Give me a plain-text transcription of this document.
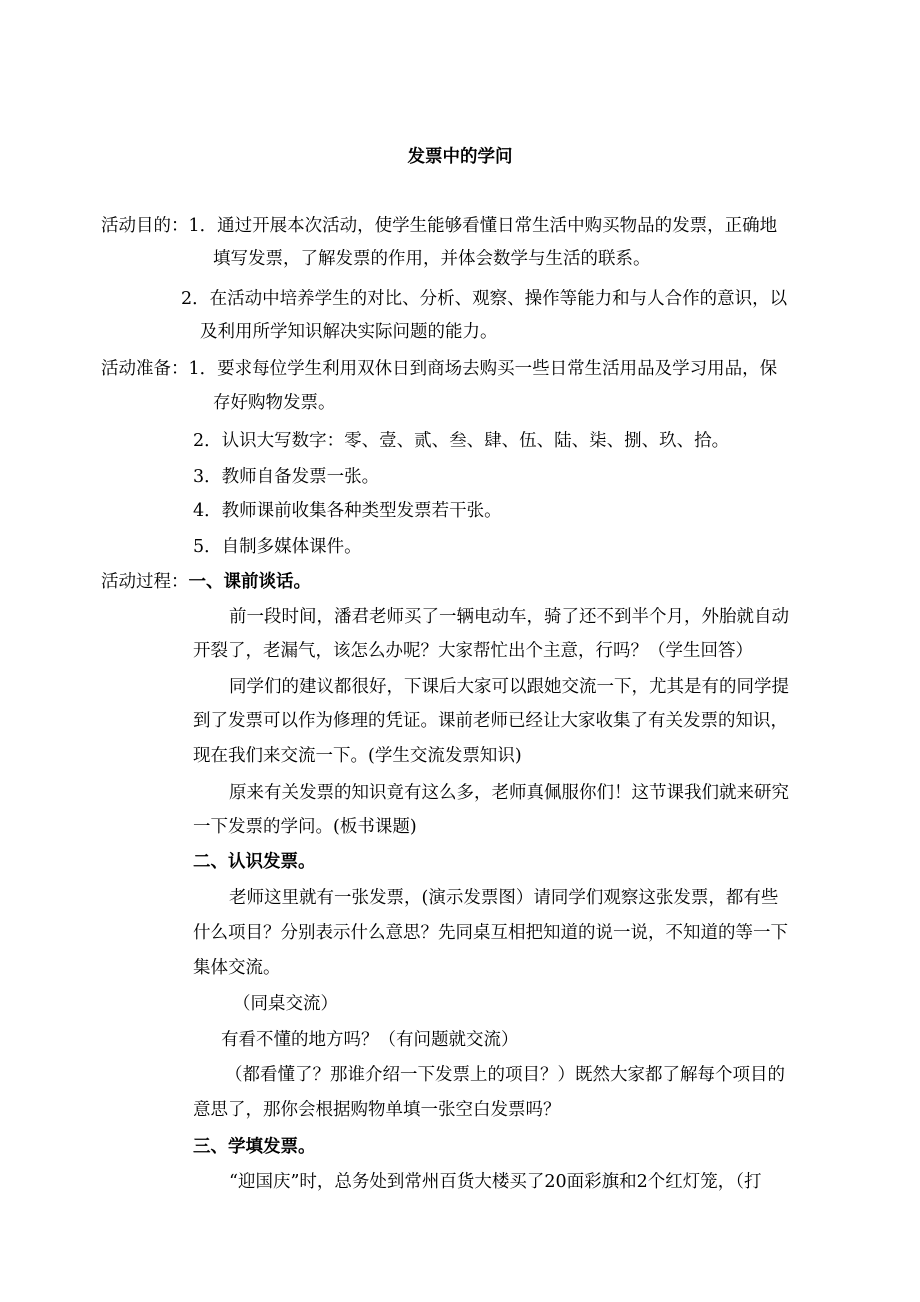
发票中的学问
活动目的：1．通过开展本次活动，使学生能够看懂日常生活中购买物品的发票，正确地
填写发票，了解发票的作用，并体会数学与生活的联系。
2．在活动中培养学生的对比、分析、观察、操作等能力和与人合作的意识，以
及利用所学知识解决实际问题的能力。
活动准备：1．要求每位学生利用双休日到商场去购买一些日常生活用品及学习用品，保
存好购物发票。
2．认识大写数字：零、壹、贰、叁、肆、伍、陆、柒、捌、玖、拾。
3．教师自备发票一张。
4．教师课前收集各种类型发票若干张。
5．自制多媒体课件。
活动过程：一、课前谈话。
前一段时间，潘君老师买了一辆电动车，骑了还不到半个月，外胎就自动
开裂了，老漏气，该怎么办呢？大家帮忙出个主意，行吗？（学生回答）
同学们的建议都很好，下课后大家可以跟她交流一下，尤其是有的同学提
到了发票可以作为修理的凭证。课前老师已经让大家收集了有关发票的知识，
现在我们来交流一下。(学生交流发票知识)
原来有关发票的知识竟有这么多，老师真佩服你们！这节课我们就来研究
一下发票的学问。(板书课题)
二、认识发票。
老师这里就有一张发票，(演示发票图）请同学们观察这张发票，都有些
什么项目？分别表示什么意思？先同桌互相把知道的说一说，不知道的等一下
集体交流。
（同桌交流）
有看不懂的地方吗？（有问题就交流）
（都看懂了？那谁介绍一下发票上的项目？）既然大家都了解每个项目的
意思了，那你会根据购物单填一张空白发票吗？
三、学填发票。
“迎国庆”时，总务处到常州百货大楼买了20面彩旗和2个红灯笼，（打
